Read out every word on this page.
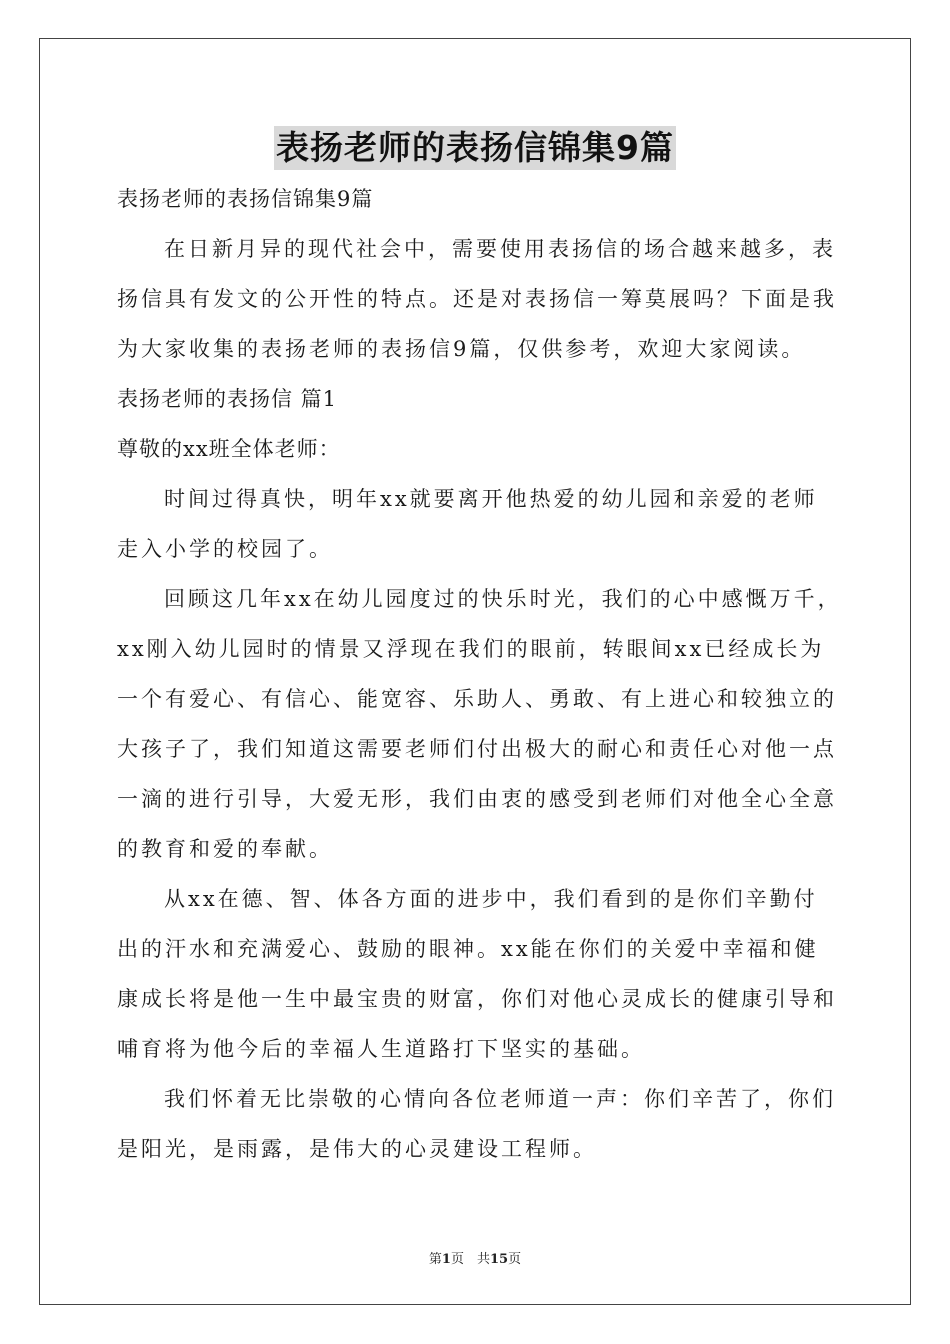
表扬老师的表扬信锦集9篇
表扬老师的表扬信锦集9篇
在日新月异的现代社会中，需要使用表扬信的场合越来越多，表
扬信具有发文的公开性的特点。还是对表扬信一筹莫展吗？下面是我
为大家收集的表扬老师的表扬信9篇，仅供参考，欢迎大家阅读。
表扬老师的表扬信 篇1
尊敬的xx班全体老师：
时间过得真快，明年xx就要离开他热爱的幼儿园和亲爱的老师
走入小学的校园了。
回顾这几年xx在幼儿园度过的快乐时光，我们的心中感慨万千，
xx刚入幼儿园时的情景又浮现在我们的眼前，转眼间xx已经成长为
一个有爱心、有信心、能宽容、乐助人、勇敢、有上进心和较独立的
大孩子了，我们知道这需要老师们付出极大的耐心和责任心对他一点
一滴的进行引导，大爱无形，我们由衷的感受到老师们对他全心全意
的教育和爱的奉献。
从xx在德、智、体各方面的进步中，我们看到的是你们辛勤付
出的汗水和充满爱心、鼓励的眼神。xx能在你们的关爱中幸福和健
康成长将是他一生中最宝贵的财富，你们对他心灵成长的健康引导和
哺育将为他今后的幸福人生道路打下坚实的基础。
我们怀着无比崇敬的心情向各位老师道一声：你们辛苦了，你们
是阳光，是雨露，是伟大的心灵建设工程师。
第1页　共15页
